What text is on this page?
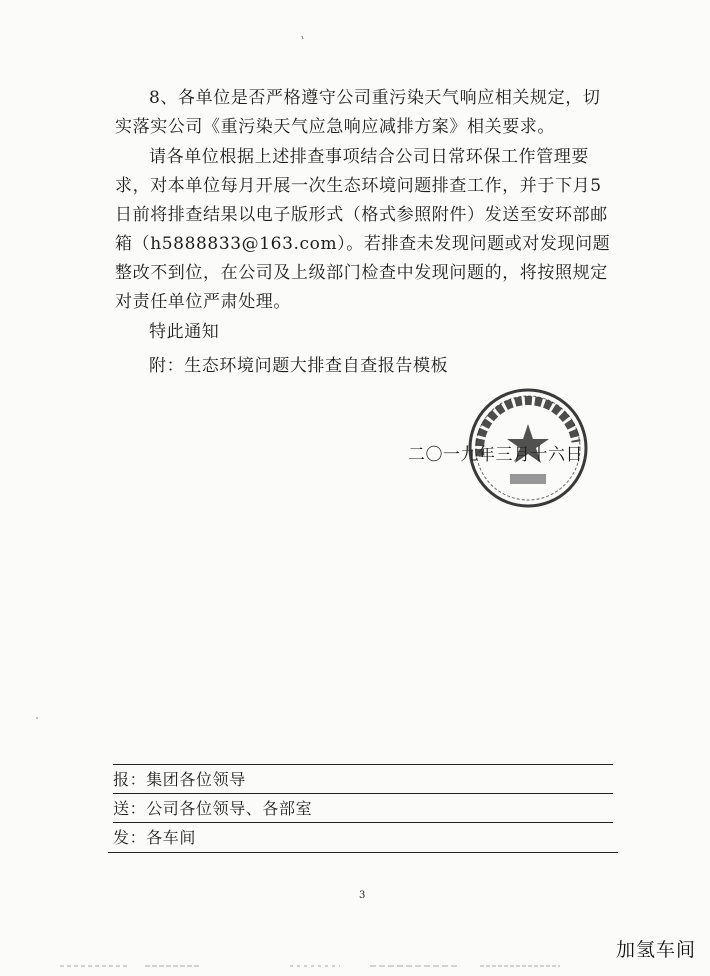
8、各单位是否严格遵守公司重污染天气响应相关规定，切实落实公司《重污染天气应急响应减排方案》相关要求。

请各单位根据上述排查事项结合公司日常环保工作管理要求，对本单位每月开展一次生态环境问题排查工作，并于下月5日前将排查结果以电子版形式（格式参照附件）发送至安环部邮箱（h5888833@163.com）。若排查未发现问题或对发现问题整改不到位，在公司及上级部门检查中发现问题的，将按照规定对责任单位严肃处理。

特此通知

附：生态环境问题大排查自查报告模板

二〇一九年三月十六日
报：集团各位领导
送：公司各位领导、各部室
发：各车间
3
加氢车间
